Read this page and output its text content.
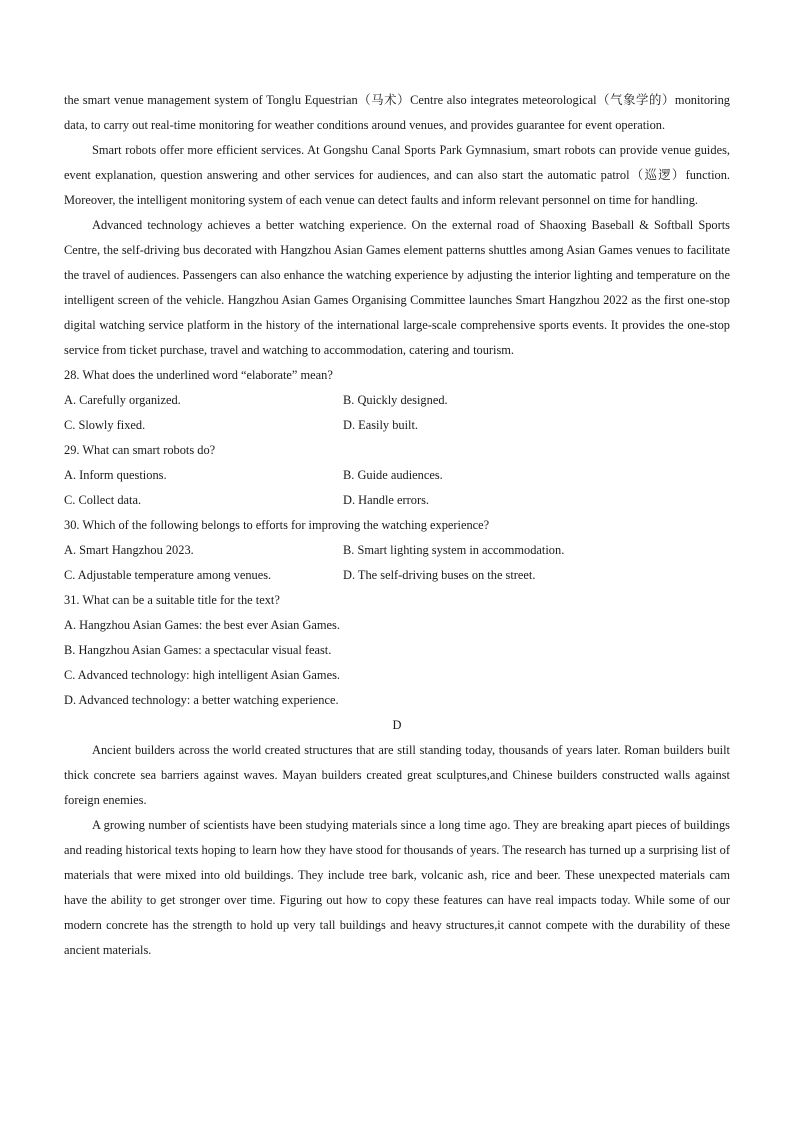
the smart venue management system of Tonglu Equestrian（马术）Centre also integrates meteorological（气象学的）monitoring data, to carry out real-time monitoring for weather conditions around venues, and provides guarantee for event operation.

Smart robots offer more efficient services. At Gongshu Canal Sports Park Gymnasium, smart robots can provide venue guides, event explanation, question answering and other services for audiences, and can also start the automatic patrol（巡逻）function. Moreover, the intelligent monitoring system of each venue can detect faults and inform relevant personnel on time for handling.

Advanced technology achieves a better watching experience. On the external road of Shaoxing Baseball & Softball Sports Centre, the self-driving bus decorated with Hangzhou Asian Games element patterns shuttles among Asian Games venues to facilitate the travel of audiences. Passengers can also enhance the watching experience by adjusting the interior lighting and temperature on the intelligent screen of the vehicle. Hangzhou Asian Games Organising Committee launches Smart Hangzhou 2022 as the first one-stop digital watching service platform in the history of the international large-scale comprehensive sports events. It provides the one-stop service from ticket purchase, travel and watching to accommodation, catering and tourism.

28. What does the underlined word “elaborate” mean?

A. Carefully organized.	B. Quickly designed.
C. Slowly fixed.	D. Easily built.

29. What can smart robots do?

A. Inform questions.	B. Guide audiences.
C. Collect data.	D. Handle errors.

30. Which of the following belongs to efforts for improving the watching experience?

A. Smart Hangzhou 2023.	B. Smart lighting system in accommodation.
C. Adjustable temperature among venues.	D. The self-driving buses on the street.

31. What can be a suitable title for the text?

A. Hangzhou Asian Games: the best ever Asian Games.
B. Hangzhou Asian Games: a spectacular visual feast.
C. Advanced technology: high intelligent Asian Games.
D. Advanced technology: a better watching experience.

D

Ancient builders across the world created structures that are still standing today, thousands of years later. Roman builders built thick concrete sea barriers against waves. Mayan builders created great sculptures,and Chinese builders constructed walls against foreign enemies.

A growing number of scientists have been studying materials since a long time ago. They are breaking apart pieces of buildings and reading historical texts hoping to learn how they have stood for thousands of years. The research has turned up a surprising list of materials that were mixed into old buildings. They include tree bark, volcanic ash, rice and beer. These unexpected materials cam have the ability to get stronger over time. Figuring out how to copy these features can have real impacts today. While some of our modern concrete has the strength to hold up very tall buildings and heavy structures,it cannot compete with the durability of these ancient materials.
